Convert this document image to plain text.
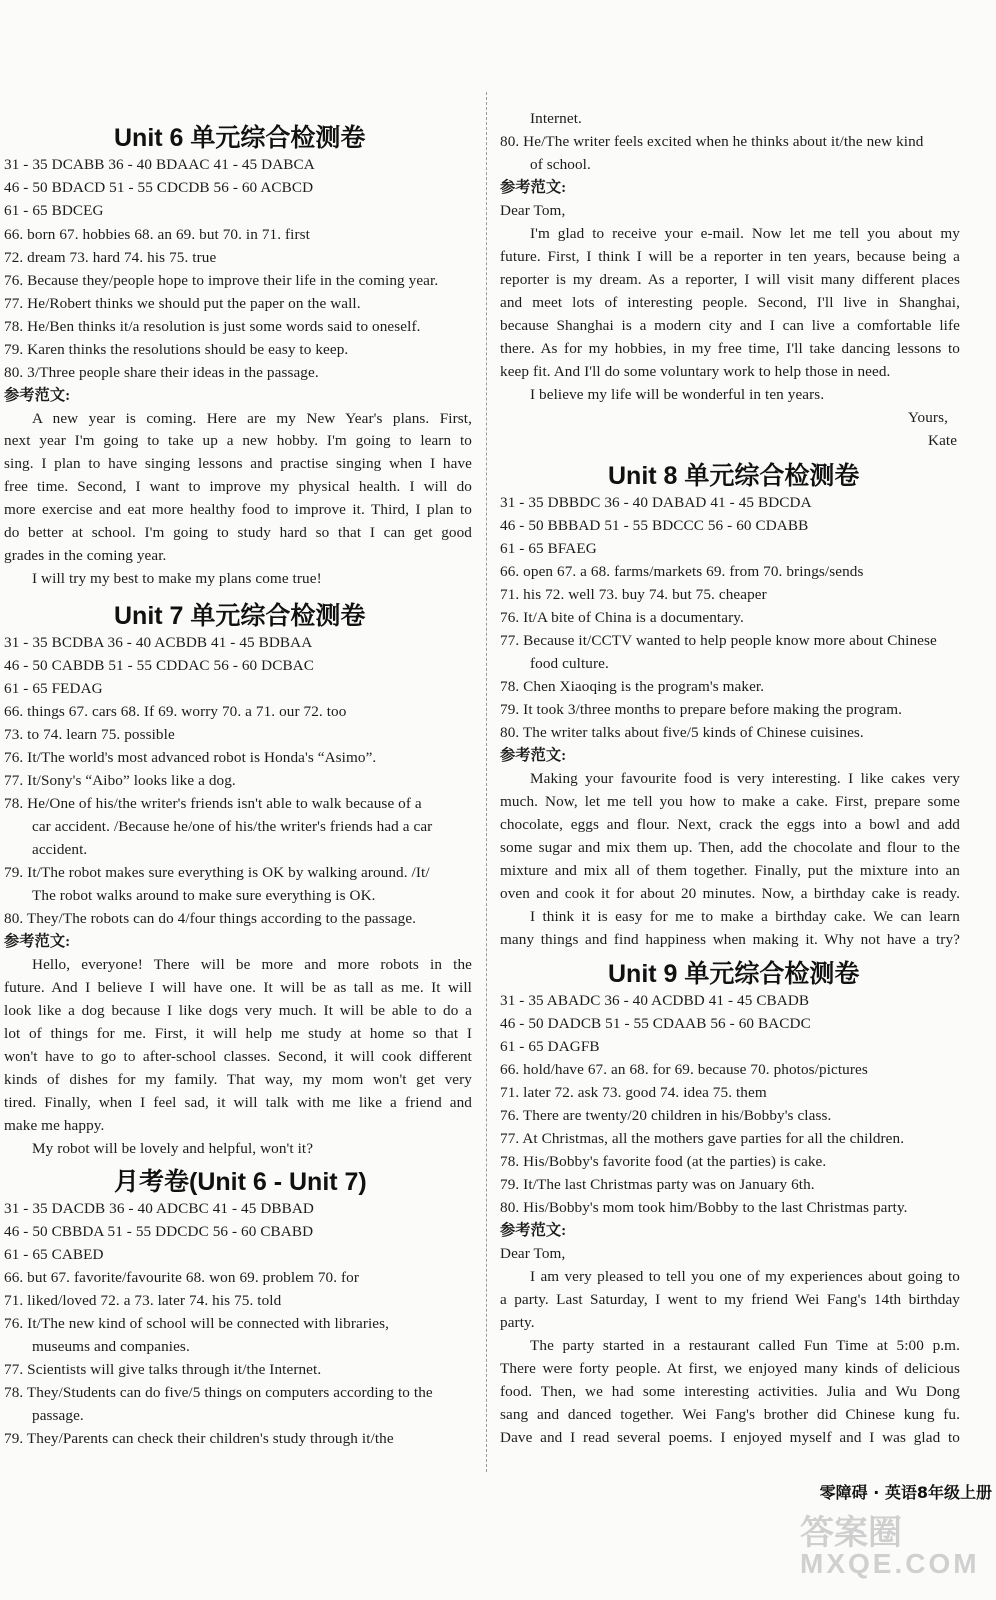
Unit 6 单元综合检测卷
31 - 35 DCABB 36 - 40 BDAAC 41 - 45 DABCA
46 - 50 BDACD 51 - 55 CDCDB 56 - 60 ACBCD
61 - 65 BDCEG
66. born 67. hobbies 68. an 69. but 70. in 71. first
72. dream 73. hard 74. his 75. true
76. Because they/people hope to improve their life in the coming year.
77. He/Robert thinks we should put the paper on the wall.
78. He/Ben thinks it/a resolution is just some words said to oneself.
79. Karen thinks the resolutions should be easy to keep.
80. 3/Three people share their ideas in the passage.
参考范文:
A new year is coming. Here are my New Year's plans. First,
next year I'm going to take up a new hobby. I'm going to learn to
sing. I plan to have singing lessons and practise singing when I have
free time. Second, I want to improve my physical health. I will do
more exercise and eat more healthy food to improve it. Third, I plan to
do better at school. I'm going to study hard so that I can get good
grades in the coming year.
I will try my best to make my plans come true!
Unit 7 单元综合检测卷
31 - 35 BCDBA 36 - 40 ACBDB 41 - 45 BDBAA
46 - 50 CABDB 51 - 55 CDDAC 56 - 60 DCBAC
61 - 65 FEDAG
66. things 67. cars 68. If 69. worry 70. a 71. our 72. too
73. to 74. learn 75. possible
76. It/The world's most advanced robot is Honda's “Asimo”.
77. It/Sony's “Aibo” looks like a dog.
78. He/One of his/the writer's friends isn't able to walk because of a
car accident. /Because he/one of his/the writer's friends had a car
accident.
79. It/The robot makes sure everything is OK by walking around. /It/
The robot walks around to make sure everything is OK.
80. They/The robots can do 4/four things according to the passage.
参考范文:
Hello, everyone! There will be more and more robots in the
future. And I believe I will have one. It will be as tall as me. It will
look like a dog because I like dogs very much. It will be able to do a
lot of things for me. First, it will help me study at home so that I
won't have to go to after-school classes. Second, it will cook different
kinds of dishes for my family. That way, my mom won't get very
tired. Finally, when I feel sad, it will talk with me like a friend and
make me happy.
My robot will be lovely and helpful, won't it?
月考卷(Unit 6 - Unit 7)
31 - 35 DACDB 36 - 40 ADCBC 41 - 45 DBBAD
46 - 50 CBBDA 51 - 55 DDCDC 56 - 60 CBABD
61 - 65 CABED
66. but 67. favorite/favourite 68. won 69. problem 70. for
71. liked/loved 72. a 73. later 74. his 75. told
76. It/The new kind of school will be connected with libraries,
museums and companies.
77. Scientists will give talks through it/the Internet.
78. They/Students can do five/5 things on computers according to the
passage.
79. They/Parents can check their children's study through it/the
Internet.
80. He/The writer feels excited when he thinks about it/the new kind
of school.
参考范文:
Dear Tom,
I'm glad to receive your e-mail. Now let me tell you about my
future. First, I think I will be a reporter in ten years, because being a
reporter is my dream. As a reporter, I will visit many different places
and meet lots of interesting people. Second, I'll live in Shanghai,
because Shanghai is a modern city and I can live a comfortable life
there. As for my hobbies, in my free time, I'll take dancing lessons to
keep fit. And I'll do some voluntary work to help those in need.
I believe my life will be wonderful in ten years.
Yours,
Kate
Unit 8 单元综合检测卷
31 - 35 DBBDC 36 - 40 DABAD 41 - 45 BDCDA
46 - 50 BBBAD 51 - 55 BDCCC 56 - 60 CDABB
61 - 65 BFAEG
66. open 67. a 68. farms/markets 69. from 70. brings/sends
71. his 72. well 73. buy 74. but 75. cheaper
76. It/A bite of China is a documentary.
77. Because it/CCTV wanted to help people know more about Chinese
food culture.
78. Chen Xiaoqing is the program's maker.
79. It took 3/three months to prepare before making the program.
80. The writer talks about five/5 kinds of Chinese cuisines.
参考范文:
Making your favourite food is very interesting. I like cakes very
much. Now, let me tell you how to make a cake. First, prepare some
chocolate, eggs and flour. Next, crack the eggs into a bowl and add
some sugar and mix them up. Then, add the chocolate and flour to the
mixture and mix all of them together. Finally, put the mixture into an
oven and cook it for about 20 minutes. Now, a birthday cake is ready.
I think it is easy for me to make a birthday cake. We can learn
many things and find happiness when making it. Why not have a try?
Unit 9 单元综合检测卷
31 - 35 ABADC 36 - 40 ACDBD 41 - 45 CBADB
46 - 50 DADCB 51 - 55 CDAAB 56 - 60 BACDC
61 - 65 DAGFB
66. hold/have 67. an 68. for 69. because 70. photos/pictures
71. later 72. ask 73. good 74. idea 75. them
76. There are twenty/20 children in his/Bobby's class.
77. At Christmas, all the mothers gave parties for all the children.
78. His/Bobby's favorite food (at the parties) is cake.
79. It/The last Christmas party was on January 6th.
80. His/Bobby's mom took him/Bobby to the last Christmas party.
参考范文:
Dear Tom,
I am very pleased to tell you one of my experiences about going to
a party. Last Saturday, I went to my friend Wei Fang's 14th birthday
party.
The party started in a restaurant called Fun Time at 5:00 p.m.
There were forty people. At first, we enjoyed many kinds of delicious
food. Then, we had some interesting activities. Julia and Wu Dong
sang and danced together. Wei Fang's brother did Chinese kung fu.
Dave and I read several poems. I enjoyed myself and I was glad to
零障碍 · 英语8年级上册
答案圈
MXQE.COM
